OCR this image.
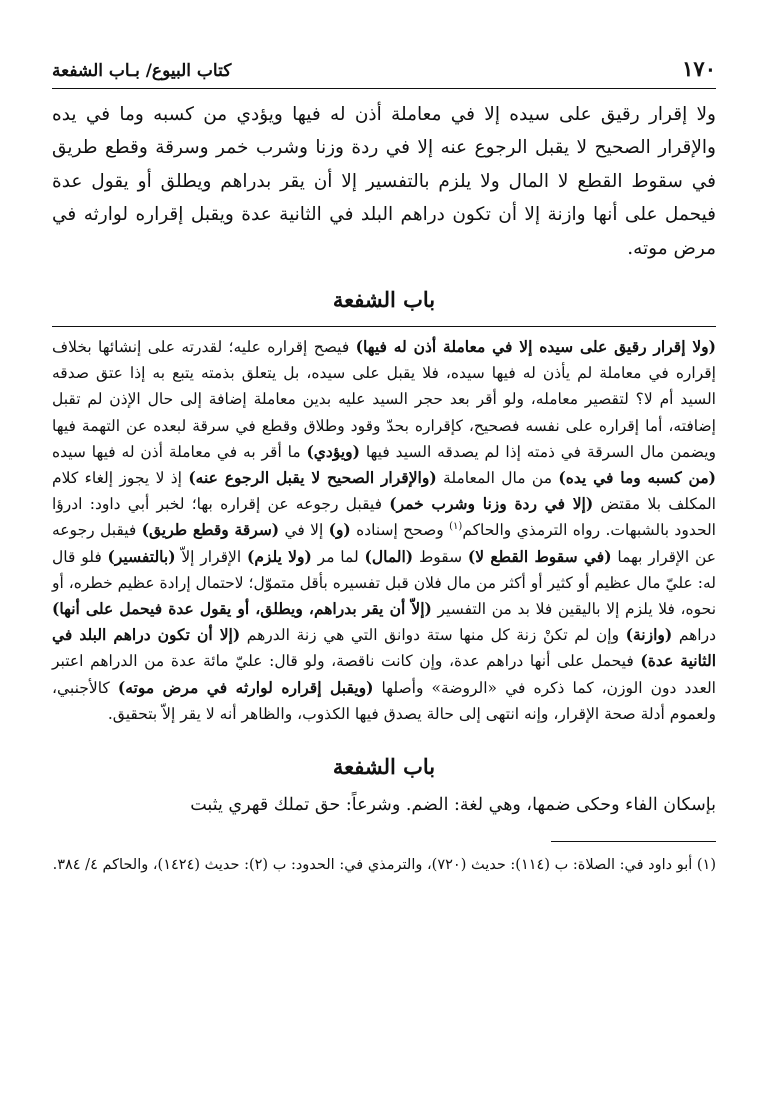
١٧٠
كتاب البيوع/ بـاب الشفعة

ولا إقرار رقيق على سيده إلا في معاملة أذن له فيها ويؤدي من كسبه وما في يده والإقرار الصحيح لا يقبل الرجوع عنه إلا في ردة وزنا وشرب خمر وسرقة وقطع طريق في سقوط القطع لا المال ولا يلزم بالتفسير إلا أن يقر بدراهم ويطلق أو يقول عدة فيحمل على أنها وازنة إلا أن تكون دراهم البلد في الثانية عدة ويقبل إقراره لوارثه في مرض موته.

باب الشفعة

(ولا إقرار رقيق على سيده إلا في معاملة أذن له فيها) فيصح إقراره عليه؛ لقدرته على إنشائها بخلاف إقراره في معاملة لم يأذن له فيها سيده، فلا يقبل على سيده، بل يتعلق بذمته يتبع به إذا عتق صدقه السيد أم لا؟ لتقصير معامله، ولو أقر بعد حجر السيد عليه بدين معاملة إضافة إلى حال الإذن لم تقبل إضافته، أما إقراره على نفسه فصحيح، كإقراره بحدّ وقود وطلاق وقطع في سرقة لبعده عن التهمة فيها ويضمن مال السرقة في ذمته إذا لم يصدقه السيد فيها (ويؤدي) ما أقر به في معاملة أذن له فيها سيده (من كسبه وما في يده) من مال المعاملة (والإقرار الصحيح لا يقبل الرجوع عنه) إذ لا يجوز إلغاء كلام المكلف بلا مقتض (إلا في ردة وزنا وشرب خمر) فيقبل رجوعه عن إقراره بها؛ لخبر أبي داود: ادرؤا الحدود بالشبهات. رواه الترمذي والحاكم$^{(١)}$ وصحح إسناده (و) إلا في (سرقة وقطع طريق) فيقبل رجوعه عن الإقرار بهما (في سقوط القطع لا) سقوط (المال) لما مر (ولا يلزم) الإقرار إلاّ (بالتفسير) فلو قال له: عليّ مال عظيم أو كثير أو أكثر من مال فلان قبل تفسيره بأقل متموّل؛ لاحتمال إرادة عظيم خطره، أو نحوه، فلا يلزم إلا باليقين فلا بد من التفسير (إلاّ أن يقر بدراهم، ويطلق، أو يقول عدة فيحمل على أنها) دراهم (وازنة) وإن لم تكنْ زنة كل منها ستة دوانق التي هي زنة الدرهم (إلا أن تكون دراهم البلد في الثانية عدة) فيحمل على أنها دراهم عدة، وإن كانت ناقصة، ولو قال: عليّ مائة عدة من الدراهم اعتبر العدد دون الوزن، كما ذكره في «الروضة» وأصلها (ويقبل إقراره لوارثه في مرض موته) كالأجنبي، ولعموم أدلة صحة الإقرار، وإنه انتهى إلى حالة يصدق فيها الكذوب، والظاهر أنه لا يقر إلاّ بتحقيق.

باب الشفعة
بإسكان الفاء وحكى ضمها، وهي لغة: الضم. وشرعاً: حق تملك قهري يثبت

(١) أبو داود في: الصلاة: ب (١١٤): حديث (٧٢٠)، والترمذي في: الحدود: ب (٢): حديث (١٤٢٤)، والحاكم ٤/ ٣٨٤.
